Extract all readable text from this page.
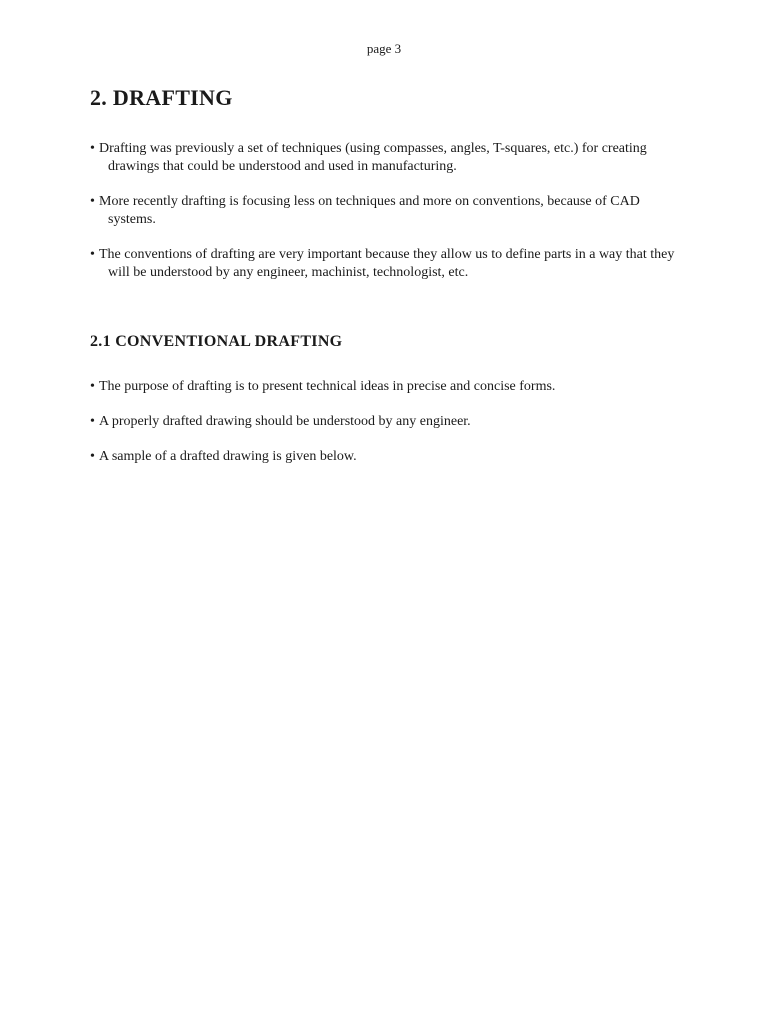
page 3
2. DRAFTING
• Drafting was previously a set of techniques (using compasses, angles, T-squares, etc.) for creating drawings that could be understood and used in manufacturing.
• More recently drafting is focusing less on techniques and more on conventions, because of CAD systems.
• The conventions of drafting are very important because they allow us to define parts in a way that they will be understood by any engineer, machinist, technologist, etc.
2.1 CONVENTIONAL DRAFTING
• The purpose of drafting is to present technical ideas in precise and concise forms.
• A properly drafted drawing should be understood by any engineer.
• A sample of a drafted drawing is given below.
